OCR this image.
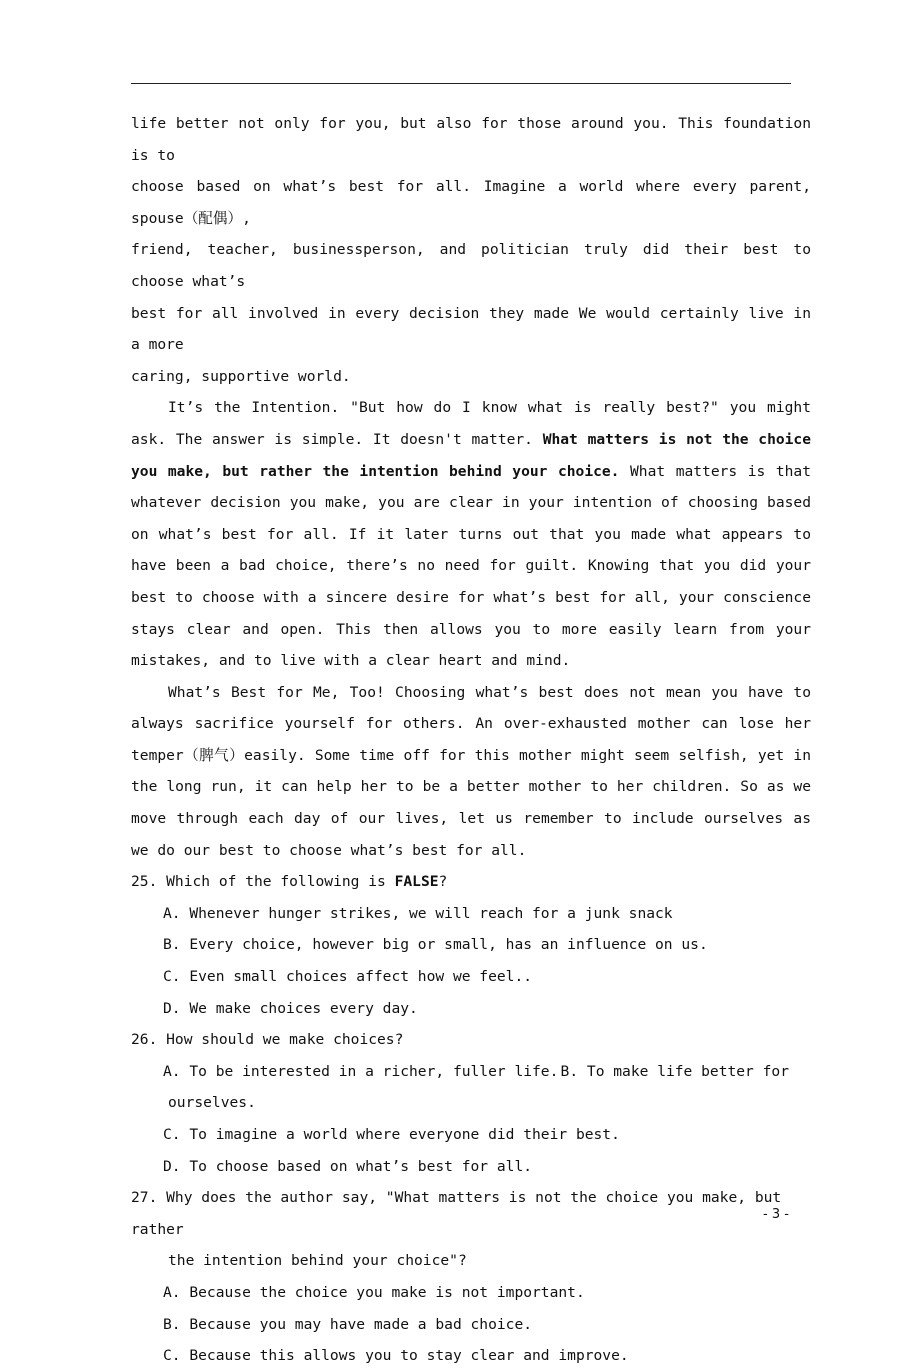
life better not only for you, but also for those around you. This foundation is to

choose based on what’s best for all. Imagine a world where every parent, spouse（配偶）,

friend, teacher, businessperson, and politician truly did their best to choose what’s

best for all involved in every decision they made We would certainly live in a more

caring, supportive world.

It’s the Intention. "But how do I know what is really best?" you might ask. The answer is simple. It doesn't matter. What matters is not the choice you make, but rather the intention behind your choice. What matters is that whatever decision you make, you are clear in your intention of choosing based on what’s best for all. If it later turns out that you made what appears to have been a bad choice, there’s no need for guilt. Knowing that you did your best to choose with a sincere desire for what’s best for all, your conscience stays clear and open. This then allows you to more easily learn from your mistakes, and to live with a clear heart and mind.

What’s Best for Me, Too! Choosing what’s best does not mean you have to always sacrifice yourself for others. An over-exhausted mother can lose her temper（脾气）easily. Some time off for this mother might seem selfish, yet in the long run, it can help her to be a better mother to her children. So as we move through each day of our lives, let us remember to include ourselves as we do our best to choose what’s best for all.

25. Which of the following is FALSE?

A. Whenever hunger strikes, we will reach for a junk snack

B. Every choice, however big or small, has an influence on us.

C. Even small choices affect how we feel..

D. We make choices every day.

26. How should we make choices?

A. To be interested in a richer, fuller life. B. To make life better for

ourselves.

C. To imagine a world where everyone did their best.

D. To choose based on what’s best for all.

27. Why does the author say, "What matters is not the choice you make, but rather

the intention behind your choice"?

A. Because the choice you make is not important.

B. Because you may have made a bad choice.

C. Because this allows you to stay clear and improve.

- 3 -
